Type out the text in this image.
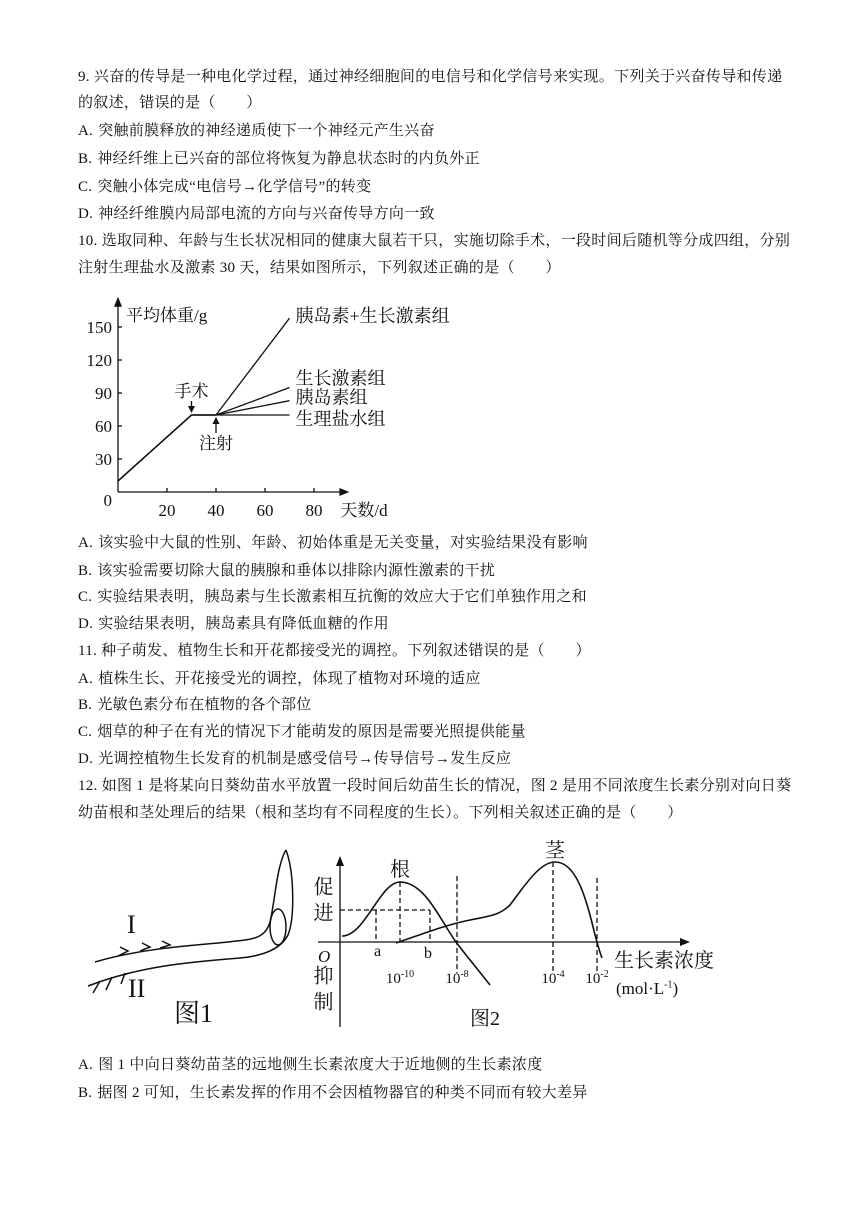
9. 兴奋的传导是一种电化学过程，通过神经细胞间的电信号和化学信号来实现。下列关于兴奋传导和传递
的叙述，错误的是（　　）
A. 突触前膜释放的神经递质使下一个神经元产生兴奋
B. 神经纤维上已兴奋的部位将恢复为静息状态时的内负外正
C. 突触小体完成“电信号→化学信号”的转变
D. 神经纤维膜内局部电流的方向与兴奋传导方向一致
10. 选取同种、年龄与生长状况相同的健康大鼠若干只，实施切除手术，一段时间后随机等分成四组，分别
注射生理盐水及激素 30 天，结果如图所示，下列叙述正确的是（　　）
0
30
60
90
120
150
20 40 60 80
平均体重/g
天数/d
胰岛素+生长激素组
生长激素组
胰岛素组
生理盐水组
手术
注射
A. 该实验中大鼠的性别、年龄、初始体重是无关变量，对实验结果没有影响
B. 该实验需要切除大鼠的胰腺和垂体以排除内源性激素的干扰
C. 实验结果表明，胰岛素与生长激素相互抗衡的效应大于它们单独作用之和
D. 实验结果表明，胰岛素具有降低血糖的作用
11. 种子萌发、植物生长和开花都接受光的调控。下列叙述错误的是（　　）
A. 植株生长、开花接受光的调控，体现了植物对环境的适应
B. 光敏色素分布在植物的各个部位
C. 烟草的种子在有光的情况下才能萌发的原因是需要光照提供能量
D. 光调控植物生长发育的机制是感受信号→传导信号→发生反应
12. 如图 1 是将某向日葵幼苗水平放置一段时间后幼苗生长的情况，图 2 是用不同浓度生长素分别对向日葵
幼苗根和茎处理后的结果（根和茎均有不同程度的生长）。下列相关叙述正确的是（　　）
I
II
图1
促进
抑制
O
根
茎
a	b
$10^{-10}$	$10^{-8}$	$10^{-4}$	$10^{-2}$
生长素浓度
$(mol\cdot L^{-1})$
图2
A. 图 1 中向日葵幼苗茎的远地侧生长素浓度大于近地侧的生长素浓度
B. 据图 2 可知，生长素发挥的作用不会因植物器官的种类不同而有较大差异
